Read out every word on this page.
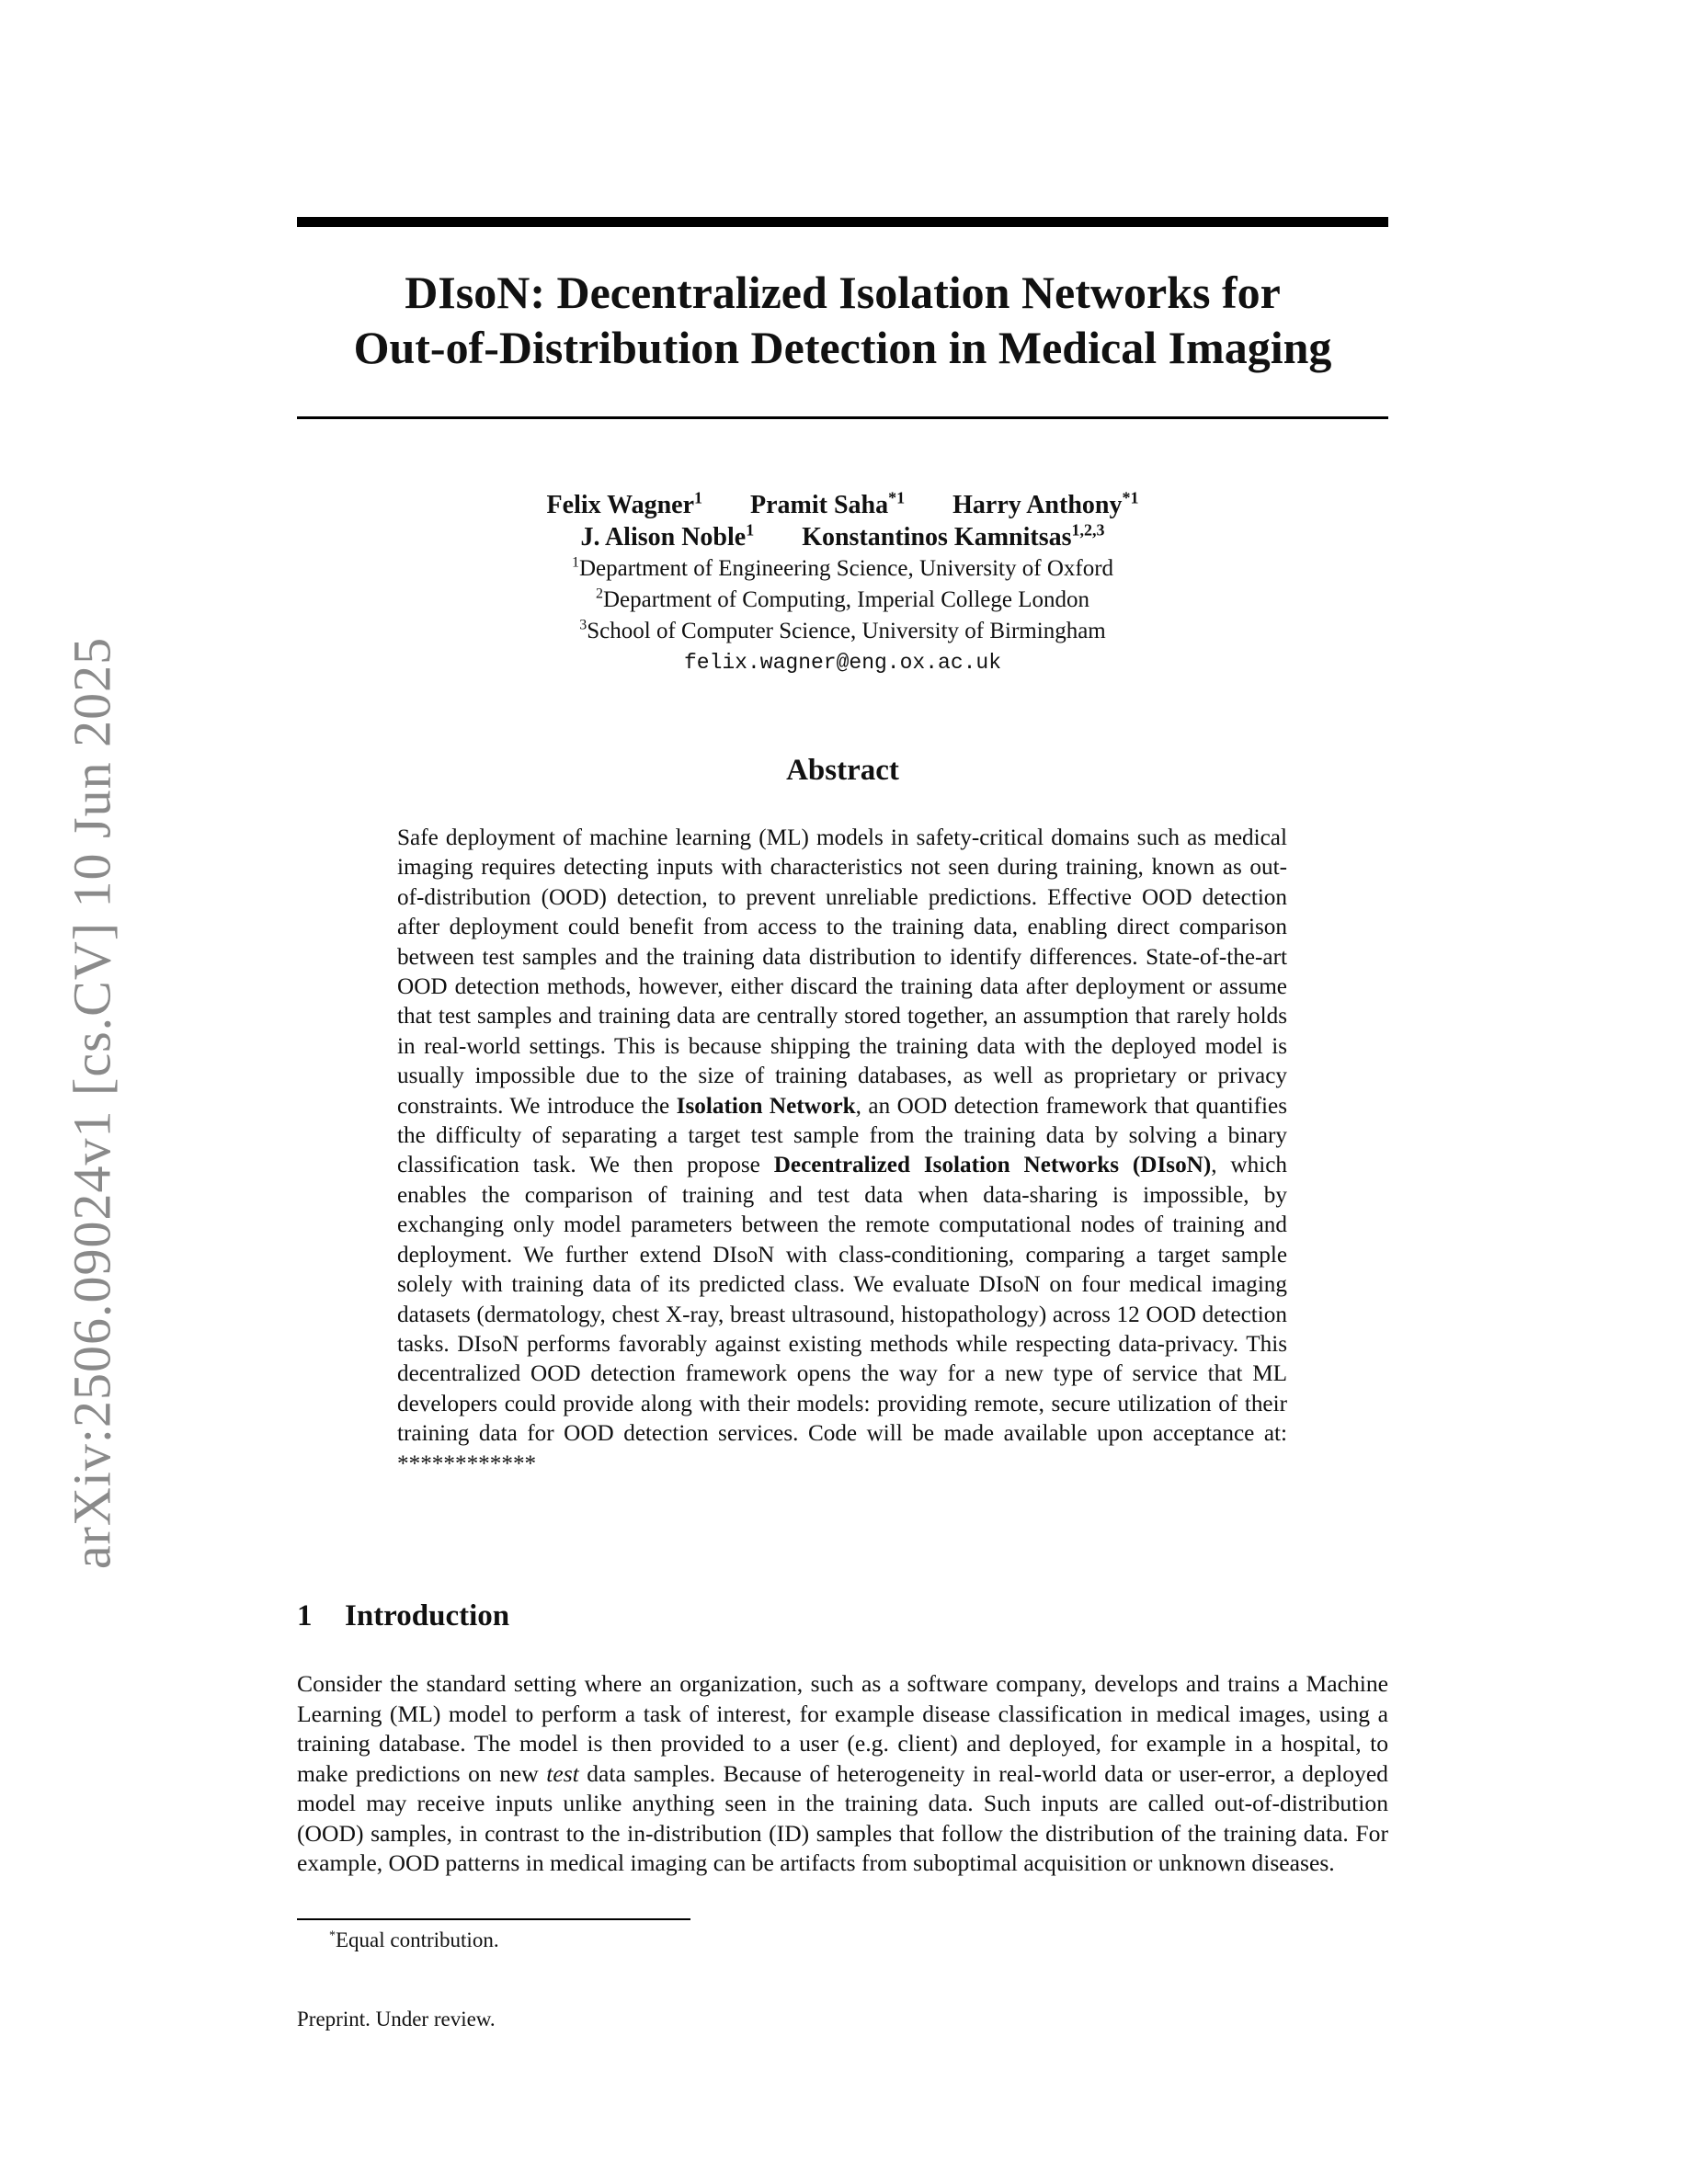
arXiv:2506.09024v1 [cs.CV] 10 Jun 2025
DIsoN: Decentralized Isolation Networks for
Out-of-Distribution Detection in Medical Imaging
Felix Wagner$^1$ Pramit Saha$^{*1}$ Harry Anthony$^{*1}$
J. Alison Noble$^1$ Konstantinos Kamnitsas$^{1,2,3}$
$^1$Department of Engineering Science, University of Oxford
$^2$Department of Computing, Imperial College London
$^3$School of Computer Science, University of Birmingham
felix.wagner@eng.ox.ac.uk
Abstract
Safe deployment of machine learning (ML) models in safety-critical domains such as medical imaging requires detecting inputs with characteristics not seen during training, known as out-of-distribution (OOD) detection, to prevent unreliable predictions. Effective OOD detection after deployment could benefit from access to the training data, enabling direct comparison between test samples and the training data distribution to identify differences. State-of-the-art OOD detection methods, however, either discard the training data after deployment or assume that test samples and training data are centrally stored together, an assumption that rarely holds in real-world settings. This is because shipping the training data with the deployed model is usually impossible due to the size of training databases, as well as proprietary or privacy constraints. We introduce the Isolation Network, an OOD detection framework that quantifies the difficulty of separating a target test sample from the training data by solving a binary classification task. We then propose Decentralized Isolation Networks (DIsoN), which enables the comparison of training and test data when data-sharing is impossible, by exchanging only model parameters between the remote computational nodes of training and deployment. We further extend DIsoN with class-conditioning, comparing a target sample solely with training data of its predicted class. We evaluate DIsoN on four medical imaging datasets (dermatology, chest X-ray, breast ultrasound, histopathology) across 12 OOD detection tasks. DIsoN performs favorably against existing methods while respecting data-privacy. This decentralized OOD detection framework opens the way for a new type of service that ML developers could provide along with their models: providing remote, secure utilization of their training data for OOD detection services. Code will be made available upon acceptance at: ************
1 Introduction
Consider the standard setting where an organization, such as a software company, develops and trains a Machine Learning (ML) model to perform a task of interest, for example disease classification in medical images, using a training database. The model is then provided to a user (e.g. client) and deployed, for example in a hospital, to make predictions on new test data samples. Because of heterogeneity in real-world data or user-error, a deployed model may receive inputs unlike anything seen in the training data. Such inputs are called out-of-distribution (OOD) samples, in contrast to the in-distribution (ID) samples that follow the distribution of the training data. For example, OOD patterns in medical imaging can be artifacts from suboptimal acquisition or unknown diseases.
*Equal contribution.
Preprint. Under review.
